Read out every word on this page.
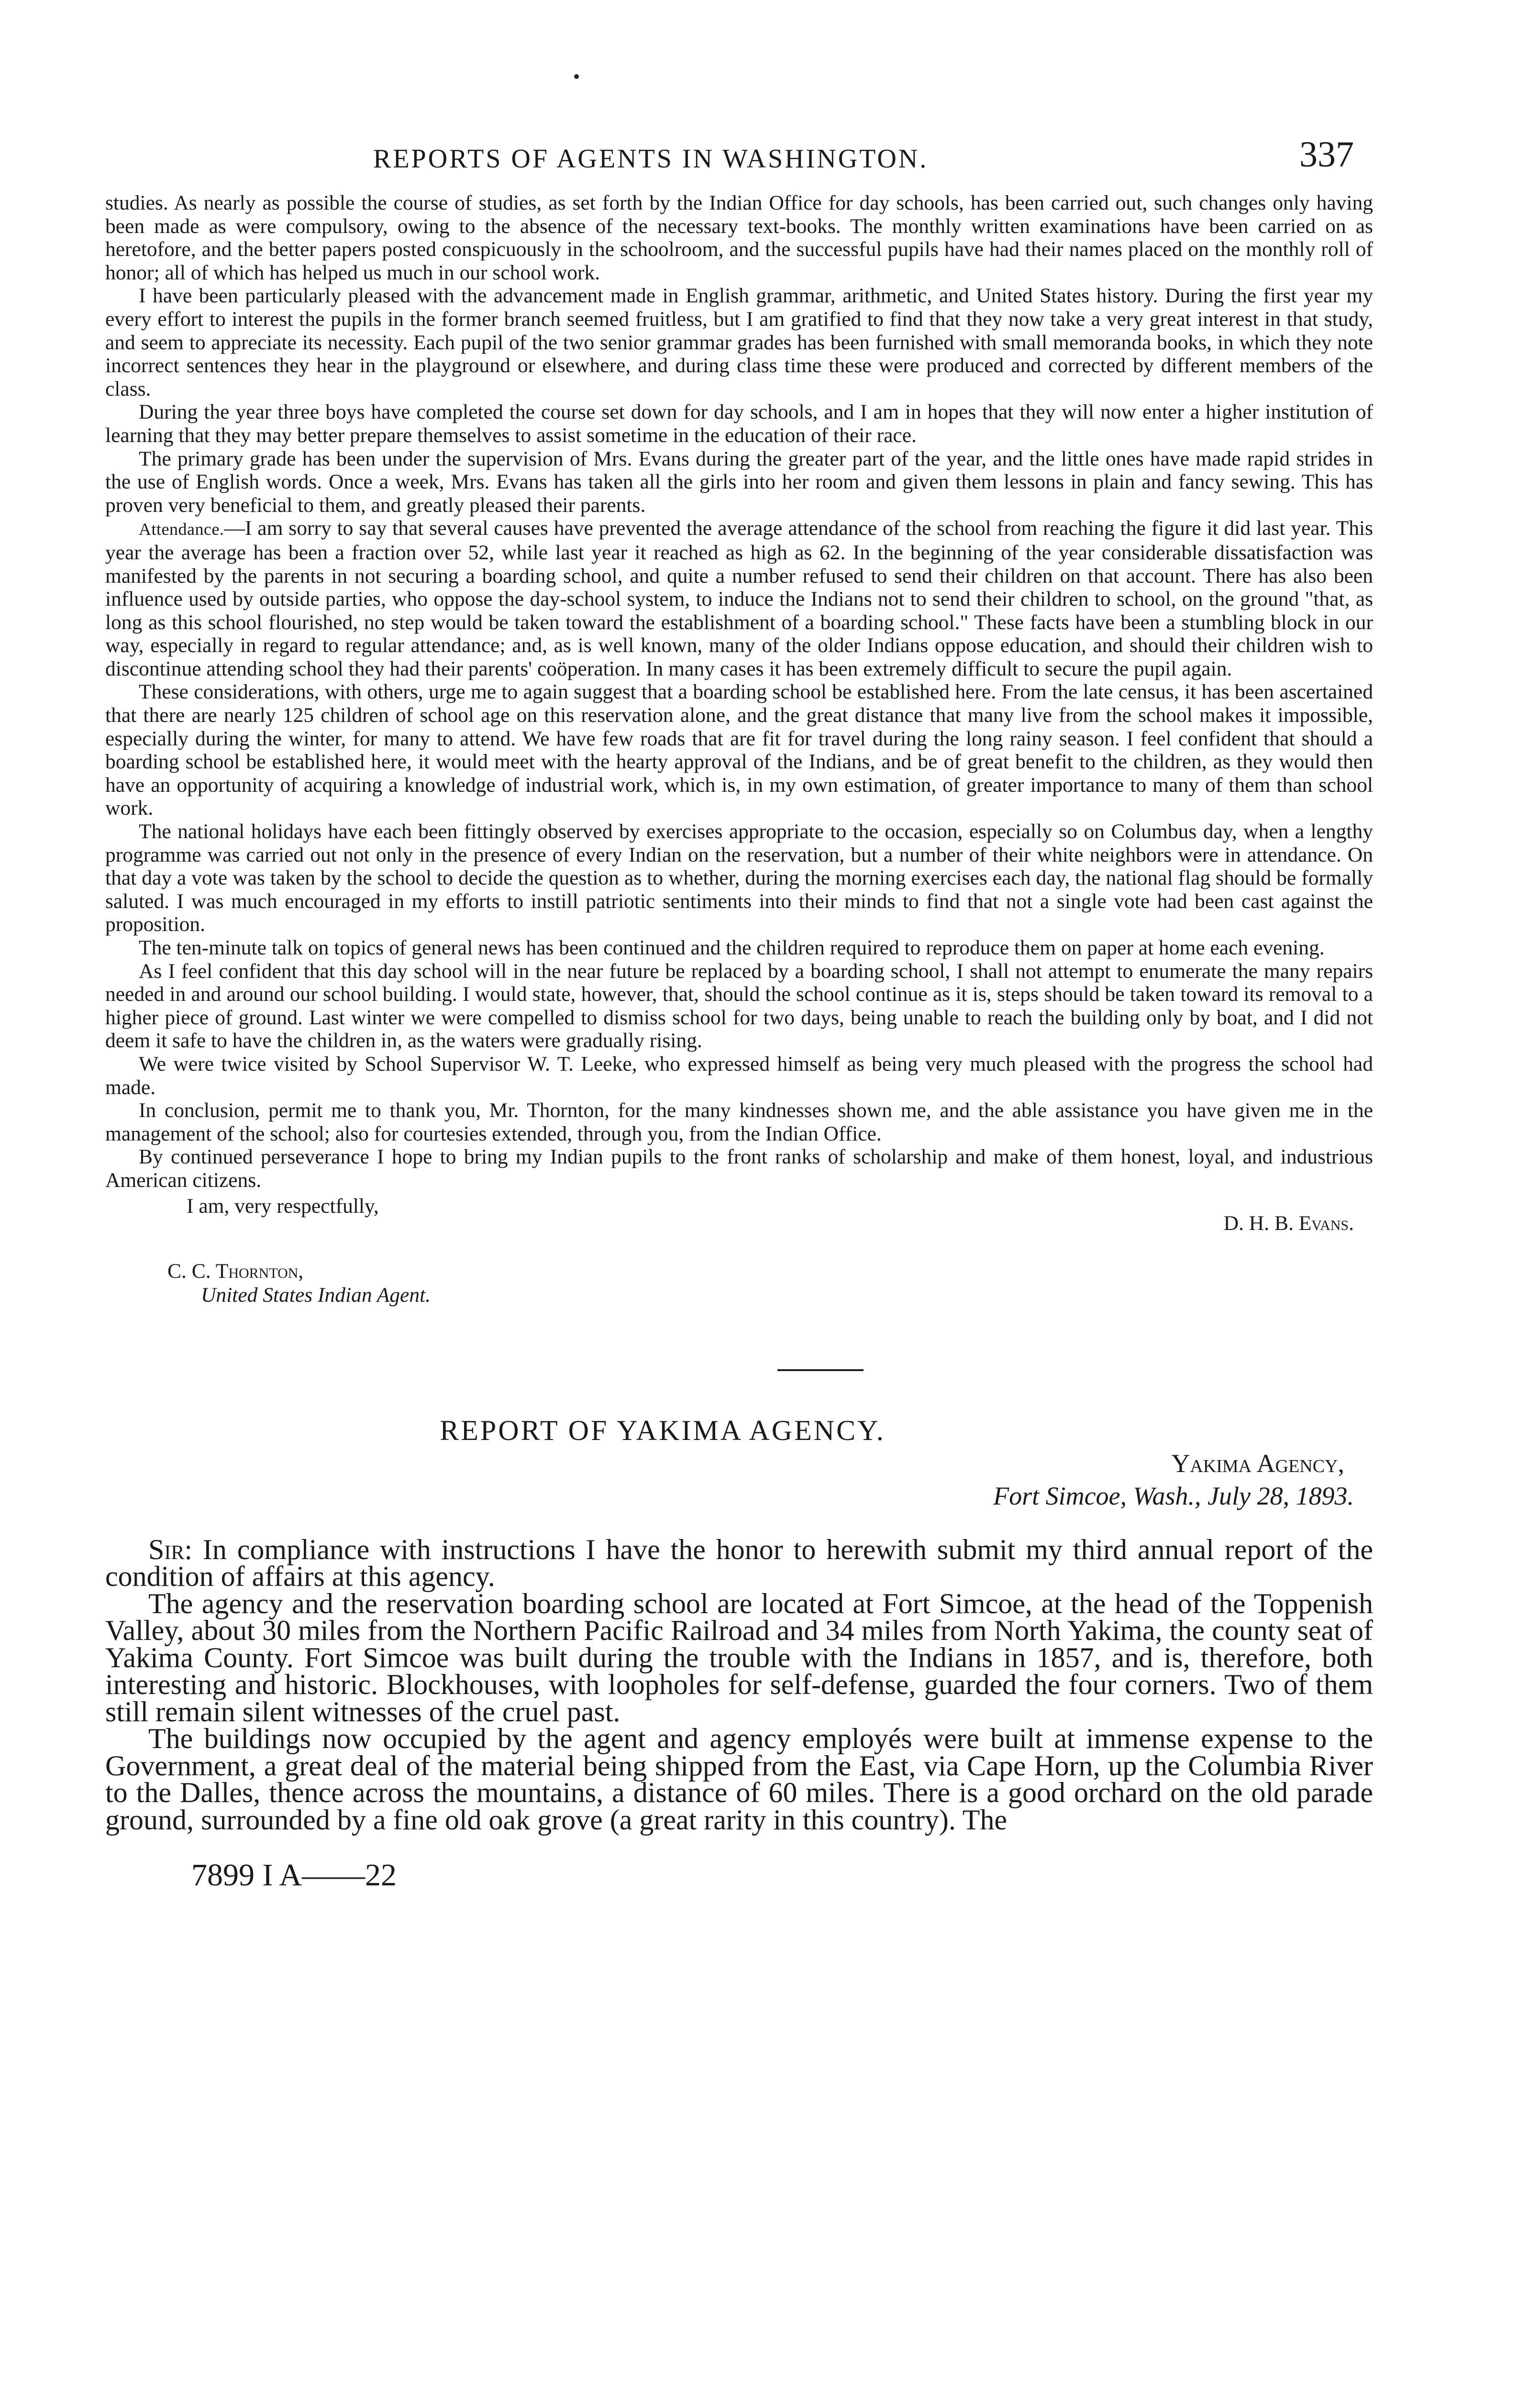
REPORTS OF AGENTS IN WASHINGTON.	337

studies. As nearly as possible the course of studies, as set forth by the Indian Office for day schools, has been carried out, such changes only having been made as were compulsory, owing to the absence of the necessary text-books. The monthly written examinations have been carried on as heretofore, and the better papers posted conspicuously in the schoolroom, and the successful pupils have had their names placed on the monthly roll of honor; all of which has helped us much in our school work.

I have been particularly pleased with the advancement made in English grammar, arithmetic, and United States history. During the first year my every effort to interest the pupils in the former branch seemed fruitless, but I am gratified to find that they now take a very great interest in that study, and seem to appreciate its necessity. Each pupil of the two senior grammar grades has been furnished with small memoranda books, in which they note incorrect sentences they hear in the playground or elsewhere, and during class time these were produced and corrected by different members of the class.

During the year three boys have completed the course set down for day schools, and I am in hopes that they will now enter a higher institution of learning that they may better prepare themselves to assist sometime in the education of their race.

The primary grade has been under the supervision of Mrs. Evans during the greater part of the year, and the little ones have made rapid strides in the use of English words. Once a week, Mrs. Evans has taken all the girls into her room and given them lessons in plain and fancy sewing. This has proven very beneficial to them, and greatly pleased their parents.

Attendance.—I am sorry to say that several causes have prevented the average attendance of the school from reaching the figure it did last year. This year the average has been a fraction over 52, while last year it reached as high as 62. In the beginning of the year considerable dissatisfaction was manifested by the parents in not securing a boarding school, and quite a number refused to send their children on that account. There has also been influence used by outside parties, who oppose the day-school system, to induce the Indians not to send their children to school, on the ground "that, as long as this school flourished, no step would be taken toward the establishment of a boarding school." These facts have been a stumbling block in our way, especially in regard to regular attendance; and, as is well known, many of the older Indians oppose education, and should their children wish to discontinue attending school they had their parents' coöperation. In many cases it has been extremely difficult to secure the pupil again.

These considerations, with others, urge me to again suggest that a boarding school be established here. From the late census, it has been ascertained that there are nearly 125 children of school age on this reservation alone, and the great distance that many live from the school makes it impossible, especially during the winter, for many to attend. We have few roads that are fit for travel during the long rainy season. I feel confident that should a boarding school be established here, it would meet with the hearty approval of the Indians, and be of great benefit to the children, as they would then have an opportunity of acquiring a knowledge of industrial work, which is, in my own estimation, of greater importance to many of them than school work.

The national holidays have each been fittingly observed by exercises appropriate to the occasion, especially so on Columbus day, when a lengthy programme was carried out not only in the presence of every Indian on the reservation, but a number of their white neighbors were in attendance. On that day a vote was taken by the school to decide the question as to whether, during the morning exercises each day, the national flag should be formally saluted. I was much encouraged in my efforts to instill patriotic sentiments into their minds to find that not a single vote had been cast against the proposition.

The ten-minute talk on topics of general news has been continued and the children required to reproduce them on paper at home each evening.

As I feel confident that this day school will in the near future be replaced by a boarding school, I shall not attempt to enumerate the many repairs needed in and around our school building. I would state, however, that, should the school continue as it is, steps should be taken toward its removal to a higher piece of ground. Last winter we were compelled to dismiss school for two days, being unable to reach the building only by boat, and I did not deem it safe to have the children in, as the waters were gradually rising.

We were twice visited by School Supervisor W. T. Leeke, who expressed himself as being very much pleased with the progress the school had made.

In conclusion, permit me to thank you, Mr. Thornton, for the many kindnesses shown me, and the able assistance you have given me in the management of the school; also for courtesies extended, through you, from the Indian Office.

By continued perseverance I hope to bring my Indian pupils to the front ranks of scholarship and make of them honest, loyal, and industrious American citizens.

I am, very respectfully,
D. H. B. Evans.
C. C. Thornton,
United States Indian Agent.
REPORT OF YAKIMA AGENCY.
Yakima Agency,
Fort Simcoe, Wash., July 28, 1893.

Sir: In compliance with instructions I have the honor to herewith submit my third annual report of the condition of affairs at this agency.

The agency and the reservation boarding school are located at Fort Simcoe, at the head of the Toppenish Valley, about 30 miles from the Northern Pacific Railroad and 34 miles from North Yakima, the county seat of Yakima County. Fort Simcoe was built during the trouble with the Indians in 1857, and is, therefore, both interesting and historic. Blockhouses, with loopholes for self-defense, guarded the four corners. Two of them still remain silent witnesses of the cruel past.

The buildings now occupied by the agent and agency employés were built at immense expense to the Government, a great deal of the material being shipped from the East, via Cape Horn, up the Columbia River to the Dalles, thence across the mountains, a distance of 60 miles. There is a good orchard on the old parade ground, surrounded by a fine old oak grove (a great rarity in this country). The

7899 I A——22
